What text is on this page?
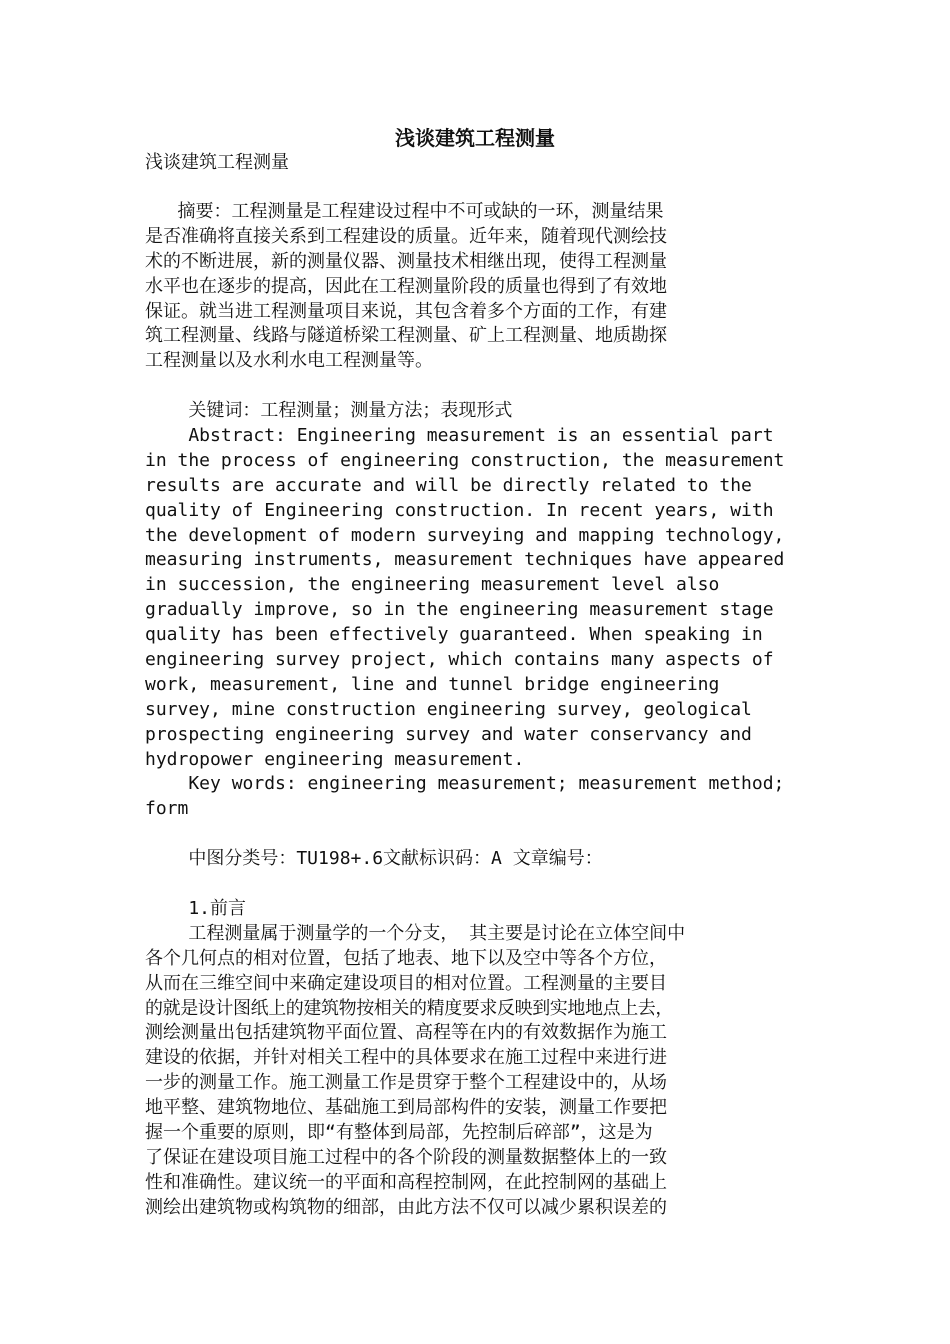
浅谈建筑工程测量
浅谈建筑工程测量
摘要：工程测量是工程建设过程中不可或缺的一环，测量结果
是否准确将直接关系到工程建设的质量。近年来，随着现代测绘技
术的不断进展，新的测量仪器、测量技术相继出现，使得工程测量
水平也在逐步的提高，因此在工程测量阶段的质量也得到了有效地
保证。就当进工程测量项目来说，其包含着多个方面的工作，有建
筑工程测量、线路与隧道桥梁工程测量、矿上工程测量、地质勘探
工程测量以及水利水电工程测量等。
关键词：工程测量；测量方法；表现形式
Abstract: Engineering measurement is an essential part
in the process of engineering construction, the measurement
results are accurate and will be directly related to the
quality of Engineering construction. In recent years, with
the development of modern surveying and mapping technology,
measuring instruments, measurement techniques have appeared
in succession, the engineering measurement level also
gradually improve, so in the engineering measurement stage
quality has been effectively guaranteed. When speaking in
engineering survey project, which contains many aspects of
work, measurement, line and tunnel bridge engineering
survey, mine construction engineering survey, geological
prospecting engineering survey and water conservancy and
hydropower engineering measurement.
Key words: engineering measurement; measurement method;
form
中图分类号：TU198+.6文献标识码：A 文章编号：
1.前言
工程测量属于测量学的一个分支， 其主要是讨论在立体空间中
各个几何点的相对位置，包括了地表、地下以及空中等各个方位，
从而在三维空间中来确定建设项目的相对位置。工程测量的主要目
的就是设计图纸上的建筑物按相关的精度要求反映到实地地点上去，
测绘测量出包括建筑物平面位置、高程等在内的有效数据作为施工
建设的依据，并针对相关工程中的具体要求在施工过程中来进行进
一步的测量工作。施工测量工作是贯穿于整个工程建设中的，从场
地平整、建筑物地位、基础施工到局部构件的安装，测量工作要把
握一个重要的原则，即“有整体到局部，先控制后碎部”，这是为
了保证在建设项目施工过程中的各个阶段的测量数据整体上的一致
性和准确性。建议统一的平面和高程控制网，在此控制网的基础上
测绘出建筑物或构筑物的细部，由此方法不仅可以减少累积误差的
